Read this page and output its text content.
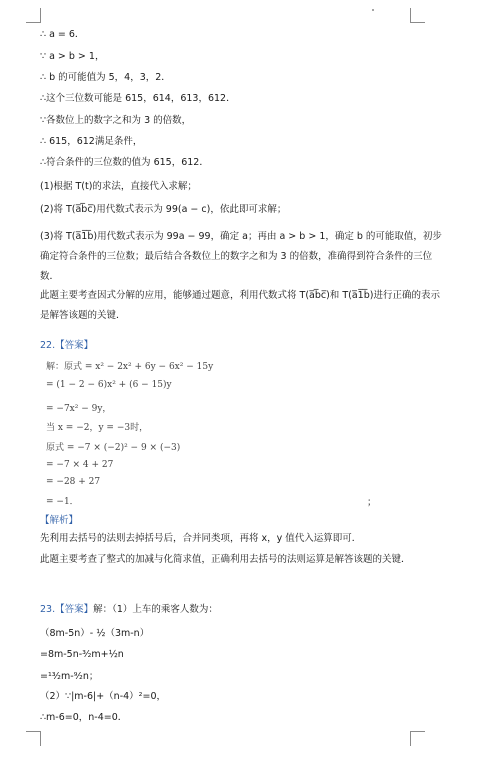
∴ a = 6．
∵ a > b > 1，
∴ b 的可能值为 5，4，3，2．
∴这个三位数可能是 615，614，613，612．
∵各数位上的数字之和为 3 的倍数，
∴ 615，612满足条件，
∴符合条件的三位数的值为 615，612．
(1)根据 T(t)的求法，直接代入求解；
(2)将 T(a̅b̅c̅)用代数式表示为 99(a − c)，依此即可求解；
(3)将 T(a̅1̅b̅)用代数式表示为 99a − 99，确定 a；再由 a > b > 1，确定 b 的可能取值，初步确定符合条件的三位数；最后结合各数位上的数字之和为 3 的倍数，准确得到符合条件的三位数．
此题主要考查因式分解的应用，能够通过题意，利用代数式将 T(a̅b̅c̅)和 T(a̅1̅b̅)进行正确的表示是解答该题的关键．
22.【答案】
解：原式 = x² − 2x² + 6y − 6x² − 15y
= (1 − 2 − 6)x² + (6 − 15)y
= −7x² − 9y，
当 x = −2，y = −3时，
原式 = −7 × (−2)² − 9 × (−3)
= −7 × 4 + 27
= −28 + 27
= −1．	；
【解析】
先利用去括号的法则去掉括号后，合并同类项，再将 x，y 值代入运算即可．
此题主要考查了整式的加减与化简求值，正确利用去括号的法则运算是解答该题的关键．
23.【答案】解：（1）上车的乘客人数为：
（8m-5n）- ½（3m-n）
=8m-5n-³⁄₂m+½n
=¹³⁄₂m-⁹⁄₂n；
（2）∵|m-6|+（n-4）²=0，
∴m-6=0，n-4=0．
